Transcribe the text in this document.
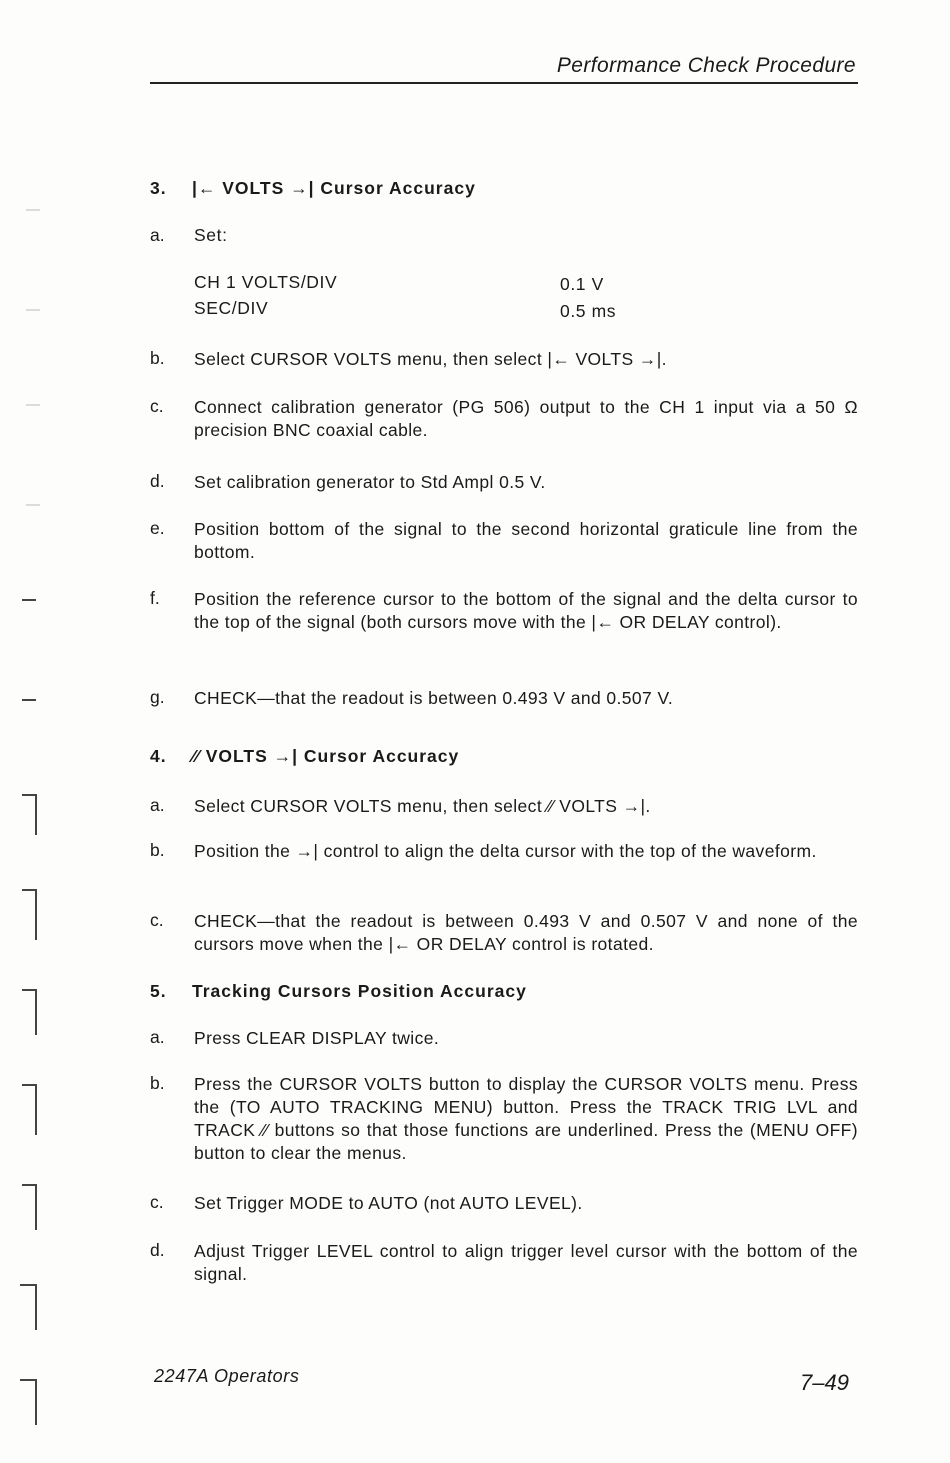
Performance Check Procedure
3. |← VOLTS →| Cursor Accuracy
a. Set:
CH 1 VOLTS/DIV	0.1 V
SEC/DIV	0.5 ms
b. Select CURSOR VOLTS menu, then select |← VOLTS →|.
c. Connect calibration generator (PG 506) output to the CH 1 input via a 50 Ω precision BNC coaxial cable.
d. Set calibration generator to Std Ampl 0.5 V.
e. Position bottom of the signal to the second horizontal graticule line from the bottom.
f. Position the reference cursor to the bottom of the signal and the delta cursor to the top of the signal (both cursors move with the |← OR DELAY control).
g. CHECK—that the readout is between 0.493 V and 0.507 V.
4. ⁄⁄ VOLTS →| Cursor Accuracy
a. Select CURSOR VOLTS menu, then select ⁄⁄ VOLTS →|.
b. Position the →| control to align the delta cursor with the top of the waveform.
c. CHECK—that the readout is between 0.493 V and 0.507 V and none of the cursors move when the |← OR DELAY control is rotated.
5. Tracking Cursors Position Accuracy
a. Press CLEAR DISPLAY twice.
b. Press the CURSOR VOLTS button to display the CURSOR VOLTS menu. Press the (TO AUTO TRACKING MENU) button. Press the TRACK TRIG LVL and TRACK ⁄⁄ buttons so that those functions are underlined. Press the (MENU OFF) button to clear the menus.
c. Set Trigger MODE to AUTO (not AUTO LEVEL).
d. Adjust Trigger LEVEL control to align trigger level cursor with the bottom of the signal.
2247A Operators	7–49
